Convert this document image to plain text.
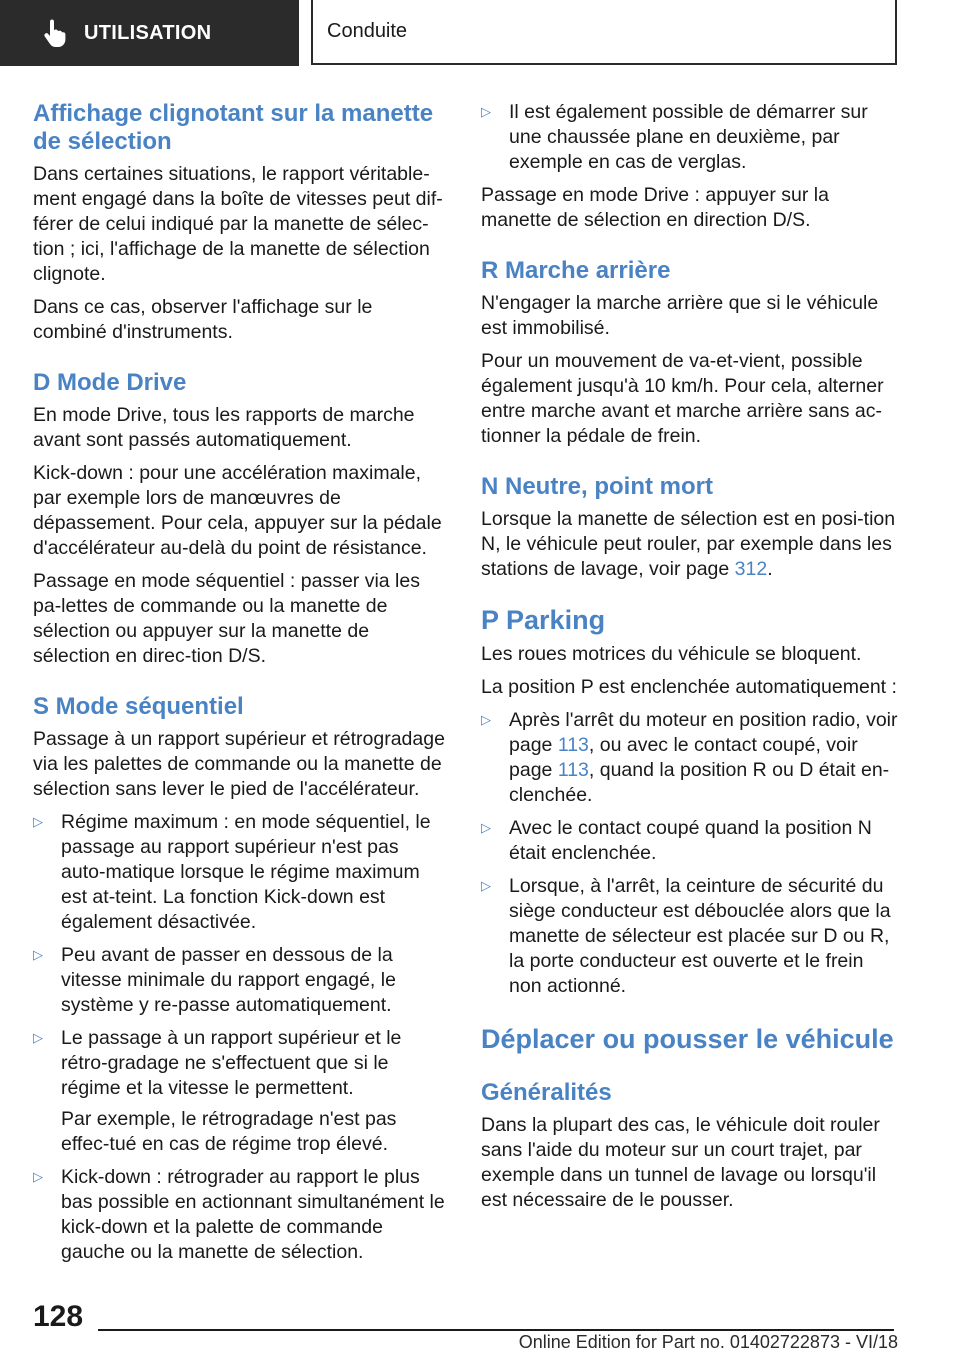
UTILISATION	Conduite
Affichage clignotant sur la manette de sélection

Dans certaines situations, le rapport véritable-ment engagé dans la boîte de vitesses peut dif-férer de celui indiqué par la manette de sélec-tion ; ici, l'affichage de la manette de sélection clignote.

Dans ce cas, observer l'affichage sur le combiné d'instruments.

D Mode Drive

En mode Drive, tous les rapports de marche avant sont passés automatiquement.

Kick-down : pour une accélération maximale, par exemple lors de manœuvres de dépassement. Pour cela, appuyer sur la pédale d'accélérateur au-delà du point de résistance.

Passage en mode séquentiel : passer via les pa-lettes de commande ou la manette de sélection ou appuyer sur la manette de sélection en direc-tion D/S.

S Mode séquentiel

Passage à un rapport supérieur et rétrogradage via les palettes de commande ou la manette de sélection sans lever le pied de l'accélérateur.

▷ Régime maximum : en mode séquentiel, le passage au rapport supérieur n'est pas auto-matique lorsque le régime maximum est at-teint. La fonction Kick-down est également désactivée.
▷ Peu avant de passer en dessous de la vitesse minimale du rapport engagé, le système y re-passe automatiquement.
▷ Le passage à un rapport supérieur et le rétro-gradage ne s'effectuent que si le régime et la vitesse le permettent.

Par exemple, le rétrogradage n'est pas effec-tué en cas de régime trop élevé.

▷ Kick-down : rétrograder au rapport le plus bas possible en actionnant simultanément le kick-down et la palette de commande gauche ou la manette de sélection.
▷ Il est également possible de démarrer sur une chaussée plane en deuxième, par exemple en cas de verglas.

Passage en mode Drive : appuyer sur la manette de sélection en direction D/S.

R Marche arrière

N'engager la marche arrière que si le véhicule est immobilisé.

Pour un mouvement de va-et-vient, possible également jusqu'à 10 km/h. Pour cela, alterner entre marche avant et marche arrière sans ac-tionner la pédale de frein.

N Neutre, point mort

Lorsque la manette de sélection est en posi-tion N, le véhicule peut rouler, par exemple dans les stations de lavage, voir page 312.

P Parking

Les roues motrices du véhicule se bloquent.

La position P est enclenchée automatiquement :

▷ Après l'arrêt du moteur en position radio, voir page 113, ou avec le contact coupé, voir page 113, quand la position R ou D était en-clenchée.
▷ Avec le contact coupé quand la position N était enclenchée.
▷ Lorsque, à l'arrêt, la ceinture de sécurité du siège conducteur est débouclée alors que la manette de sélecteur est placée sur D ou R, la porte conducteur est ouverte et le frein non actionné.
Déplacer ou pousser le véhicule
Généralités

Dans la plupart des cas, le véhicule doit rouler sans l'aide du moteur sur un court trajet, par exemple dans un tunnel de lavage ou lorsqu'il est nécessaire de le pousser.

128
Online Edition for Part no. 01402722873 - VI/18
